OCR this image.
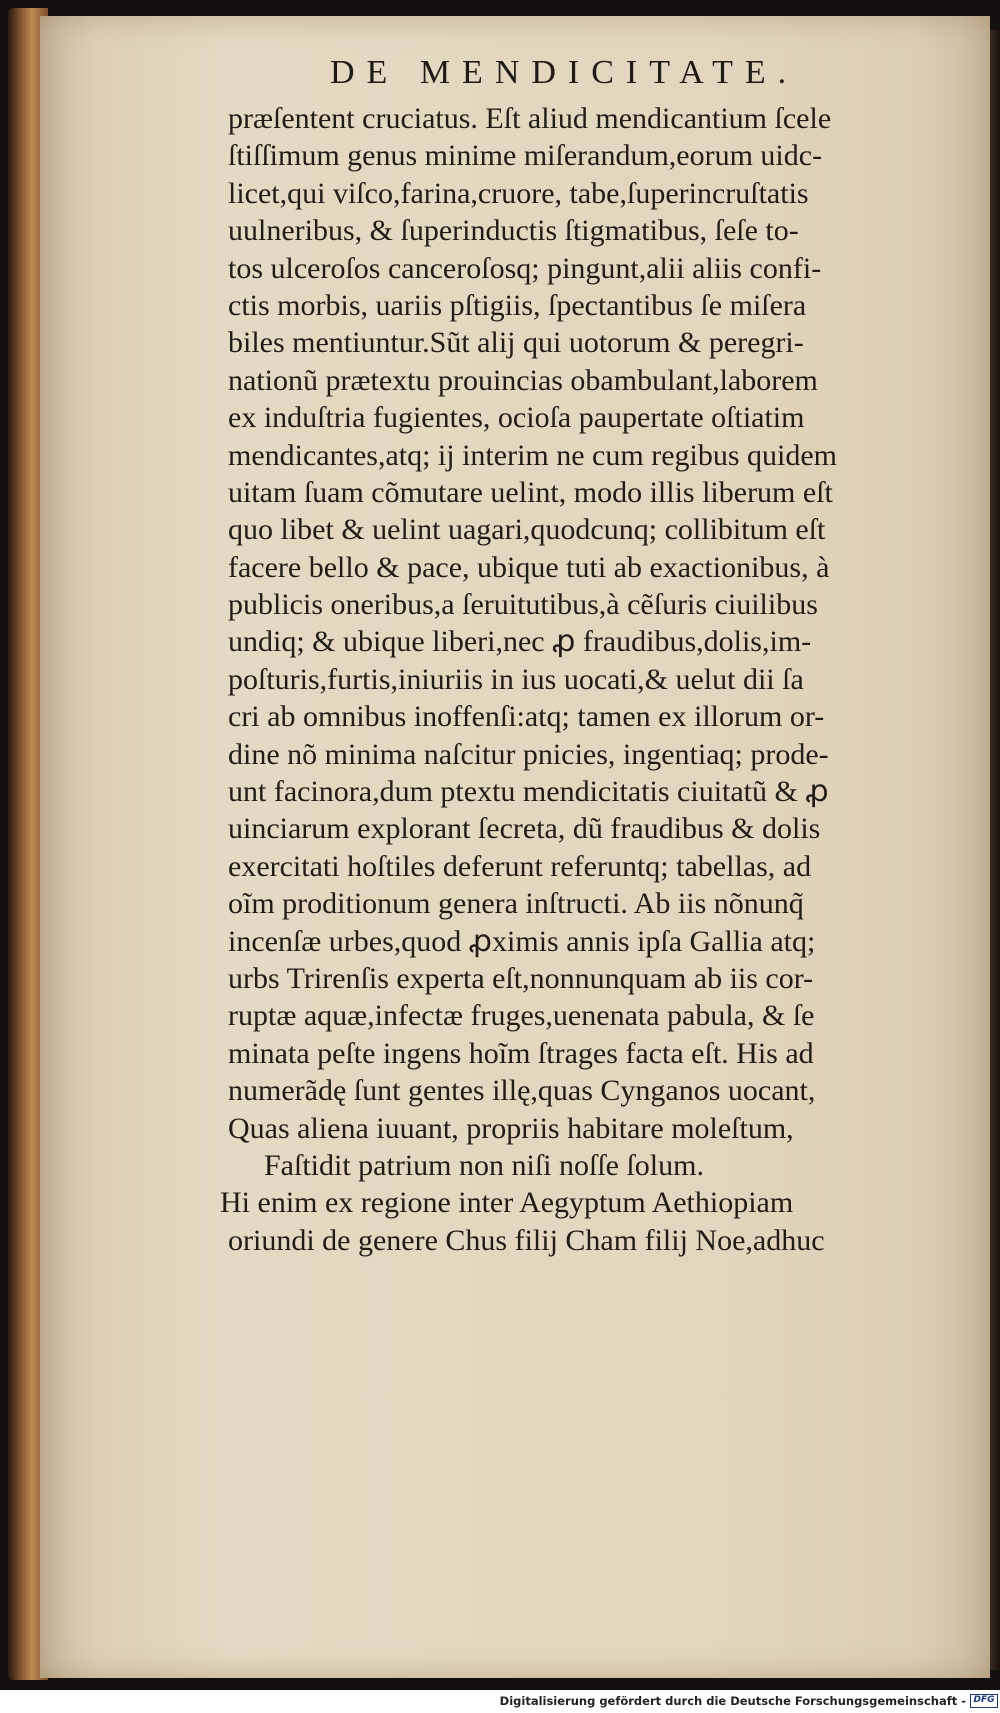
DE MENDICITATE.
præſentent cruciatus. Eſt aliud mendicantium ſcele
ſtiſſimum genus minime miſerandum,eorum uidc-
licet,qui viſco,farina,cruore, tabe,ſuperincruſtatis
uulneribus, & ſuperinductis ſtigmatibus, ſeſe to-
tos ulceroſos canceroſosq; pingunt,alii aliis confi-
ctis morbis, uariis pſtigiis, ſpectantibus ſe miſera
biles mentiuntur.Sũt alij qui uotorum & peregri-
nationũ prætextu prouincias obambulant,laborem
ex induſtria fugientes, ocioſa paupertate oſtiatim
mendicantes,atq; ij interim ne cum regibus quidem
uitam ſuam cõmutare uelint, modo illis liberum eſt
quo libet & uelint uagari,quodcunq; collibitum eſt
facere bello & pace, ubique tuti ab exactionibus, à
publicis oneribus,a ſeruitutibus,à cẽſuris ciuilibus
undiq; & ubique liberi,nec ꝓ fraudibus,dolis,im-
poſturis,furtis,iniuriis in ius uocati,& uelut dii ſa
cri ab omnibus inoffenſi:atq; tamen ex illorum or-
dine nõ minima naſcitur pnicies, ingentiaq; prode-
unt facinora,dum ptextu mendicitatis ciuitatũ & ꝓ
uinciarum explorant ſecreta, dũ fraudibus & dolis
exercitati hoſtiles deferunt referuntq; tabellas, ad
oĩm proditionum genera inſtructi. Ab iis nõnunq̃
incenſæ urbes,quod ꝓximis annis ipſa Gallia atq;
urbs Trirenſis experta eſt,nonnunquam ab iis cor-
ruptæ aquæ,infectæ fruges,uenenata pabula, & ſe
minata peſte ingens hoĩm ſtrages facta eſt. His ad
numerãdę ſunt gentes illę,quas Cynganos uocant,
Quas aliena iuuant, propriis habitare moleſtum,
Faſtidit patrium non niſi noſſe ſolum.
Hi enim ex regione inter Aegyptum Aethiopiam
oriundi de genere Chus filij Cham filij Noe,adhuc
Digitalisierung gefördert durch die Deutsche Forschungsgemeinschaft - DFG
